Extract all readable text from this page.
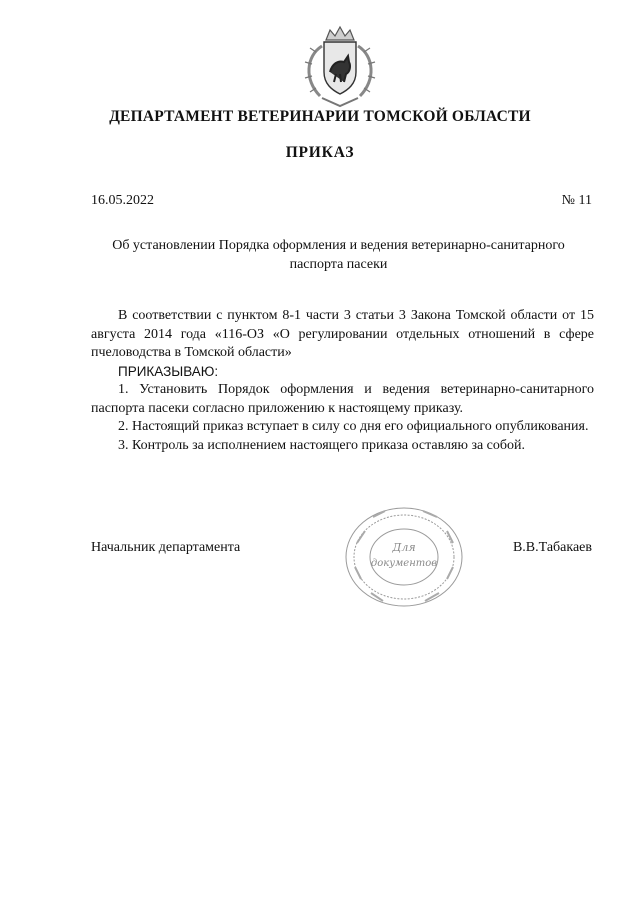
ДЕПАРТАМЕНТ ВЕТЕРИНАРИИ ТОМСКОЙ ОБЛАСТИ
ПРИКАЗ
16.05.2022	№ 11

Об установлении Порядка оформления и ведения ветеринарно-санитарного паспорта пасеки

В соответствии с пунктом 8-1 части 3 статьи 3 Закона Томской области от 15 августа 2014 года «116-ОЗ «О регулировании отдельных отношений в сфере пчеловодства в Томской области»

ПРИКАЗЫВАЮ:

1. Установить Порядок оформления и ведения ветеринарно-санитарного паспорта пасеки согласно приложению к настоящему приказу.

2. Настоящий приказ вступает в силу со дня его официального опубликования.

3. Контроль за исполнением настоящего приказа оставляю за собой.

Для
документов
Начальник департамента	В.В.Табакаев
